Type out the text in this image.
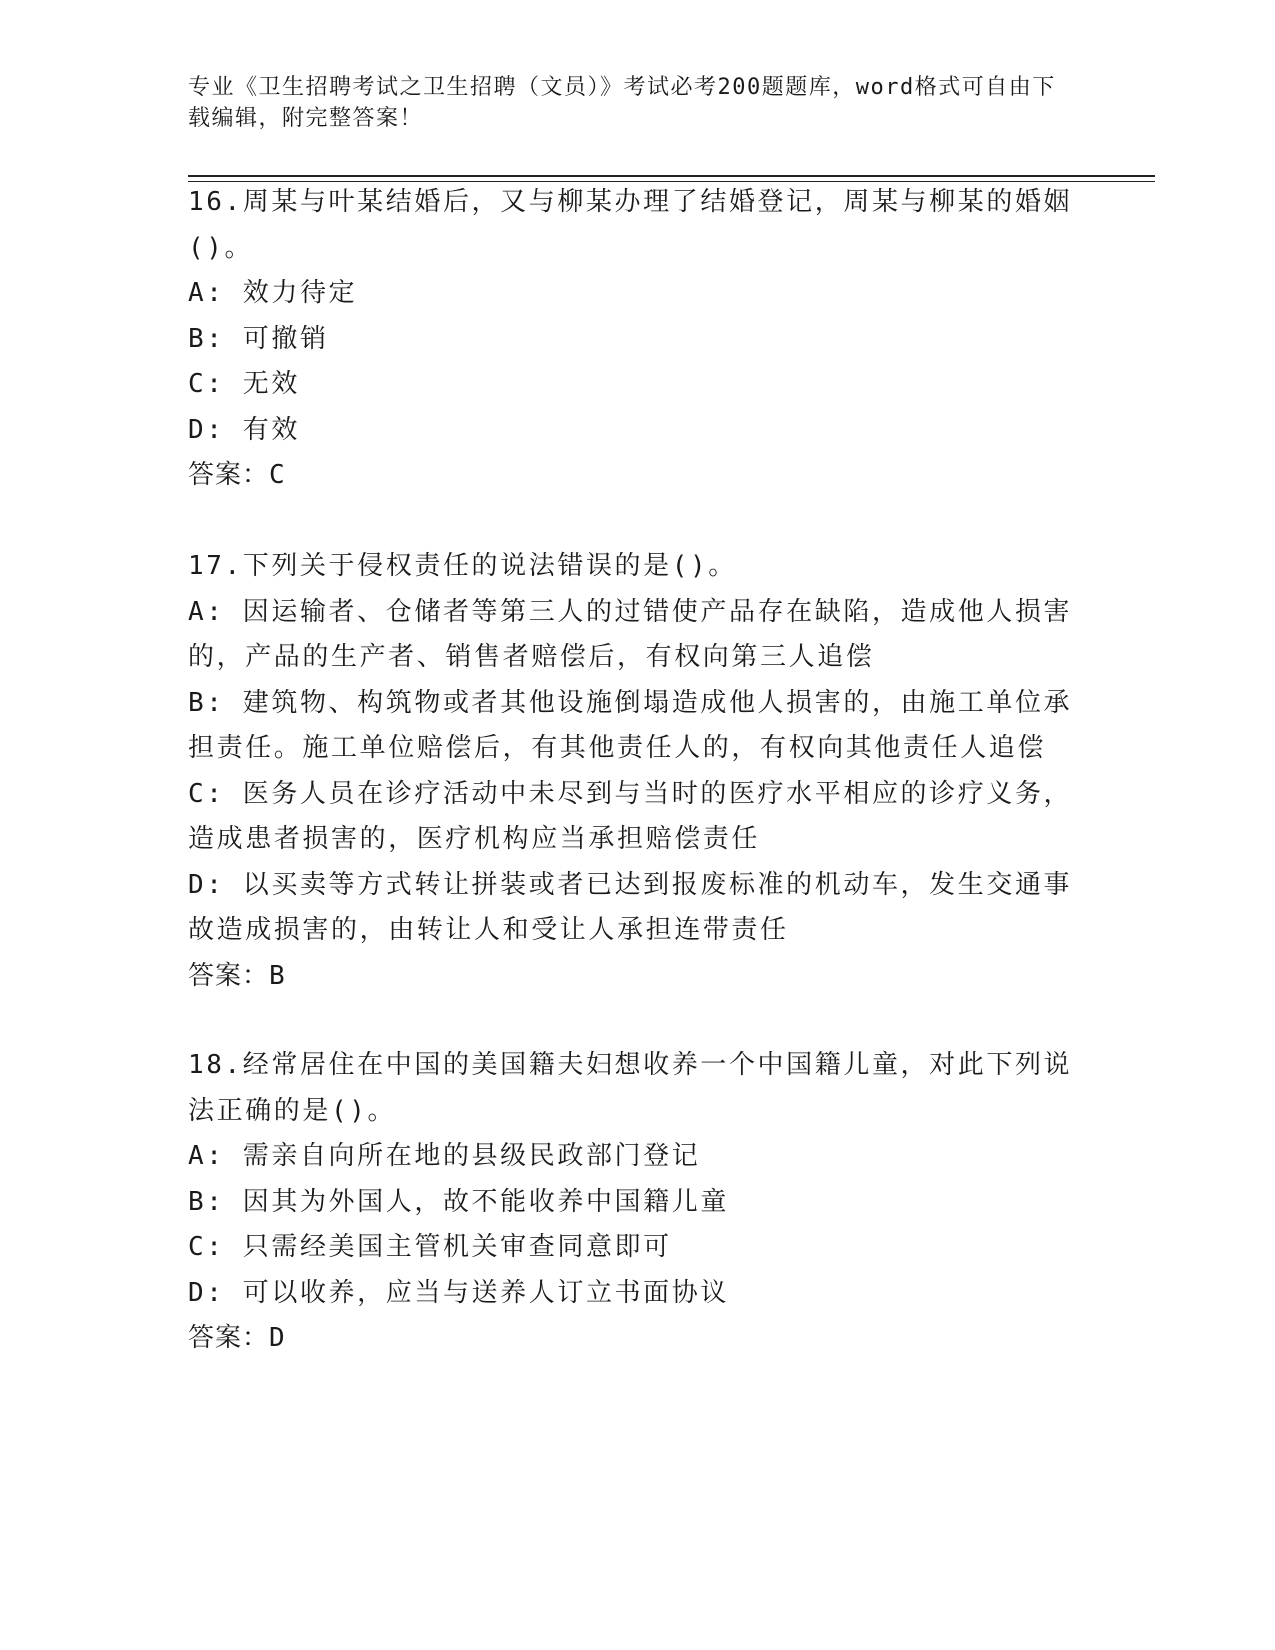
专业《卫生招聘考试之卫生招聘（文员）》考试必考200题题库，word格式可自由下载编辑，附完整答案！

16.周某与叶某结婚后，又与柳某办理了结婚登记，周某与柳某的婚姻()。

A: 效力待定

B: 可撤销

C: 无效

D: 有效

答案：C

17.下列关于侵权责任的说法错误的是()。

A: 因运输者、仓储者等第三人的过错使产品存在缺陷，造成他人损害的，产品的生产者、销售者赔偿后，有权向第三人追偿

B: 建筑物、构筑物或者其他设施倒塌造成他人损害的，由施工单位承担责任。施工单位赔偿后，有其他责任人的，有权向其他责任人追偿

C: 医务人员在诊疗活动中未尽到与当时的医疗水平相应的诊疗义务，造成患者损害的，医疗机构应当承担赔偿责任

D: 以买卖等方式转让拼装或者已达到报废标准的机动车，发生交通事故造成损害的，由转让人和受让人承担连带责任

答案：B

18.经常居住在中国的美国籍夫妇想收养一个中国籍儿童，对此下列说法正确的是()。

A: 需亲自向所在地的县级民政部门登记

B: 因其为外国人，故不能收养中国籍儿童

C: 只需经美国主管机关审查同意即可

D: 可以收养，应当与送养人订立书面协议

答案：D
